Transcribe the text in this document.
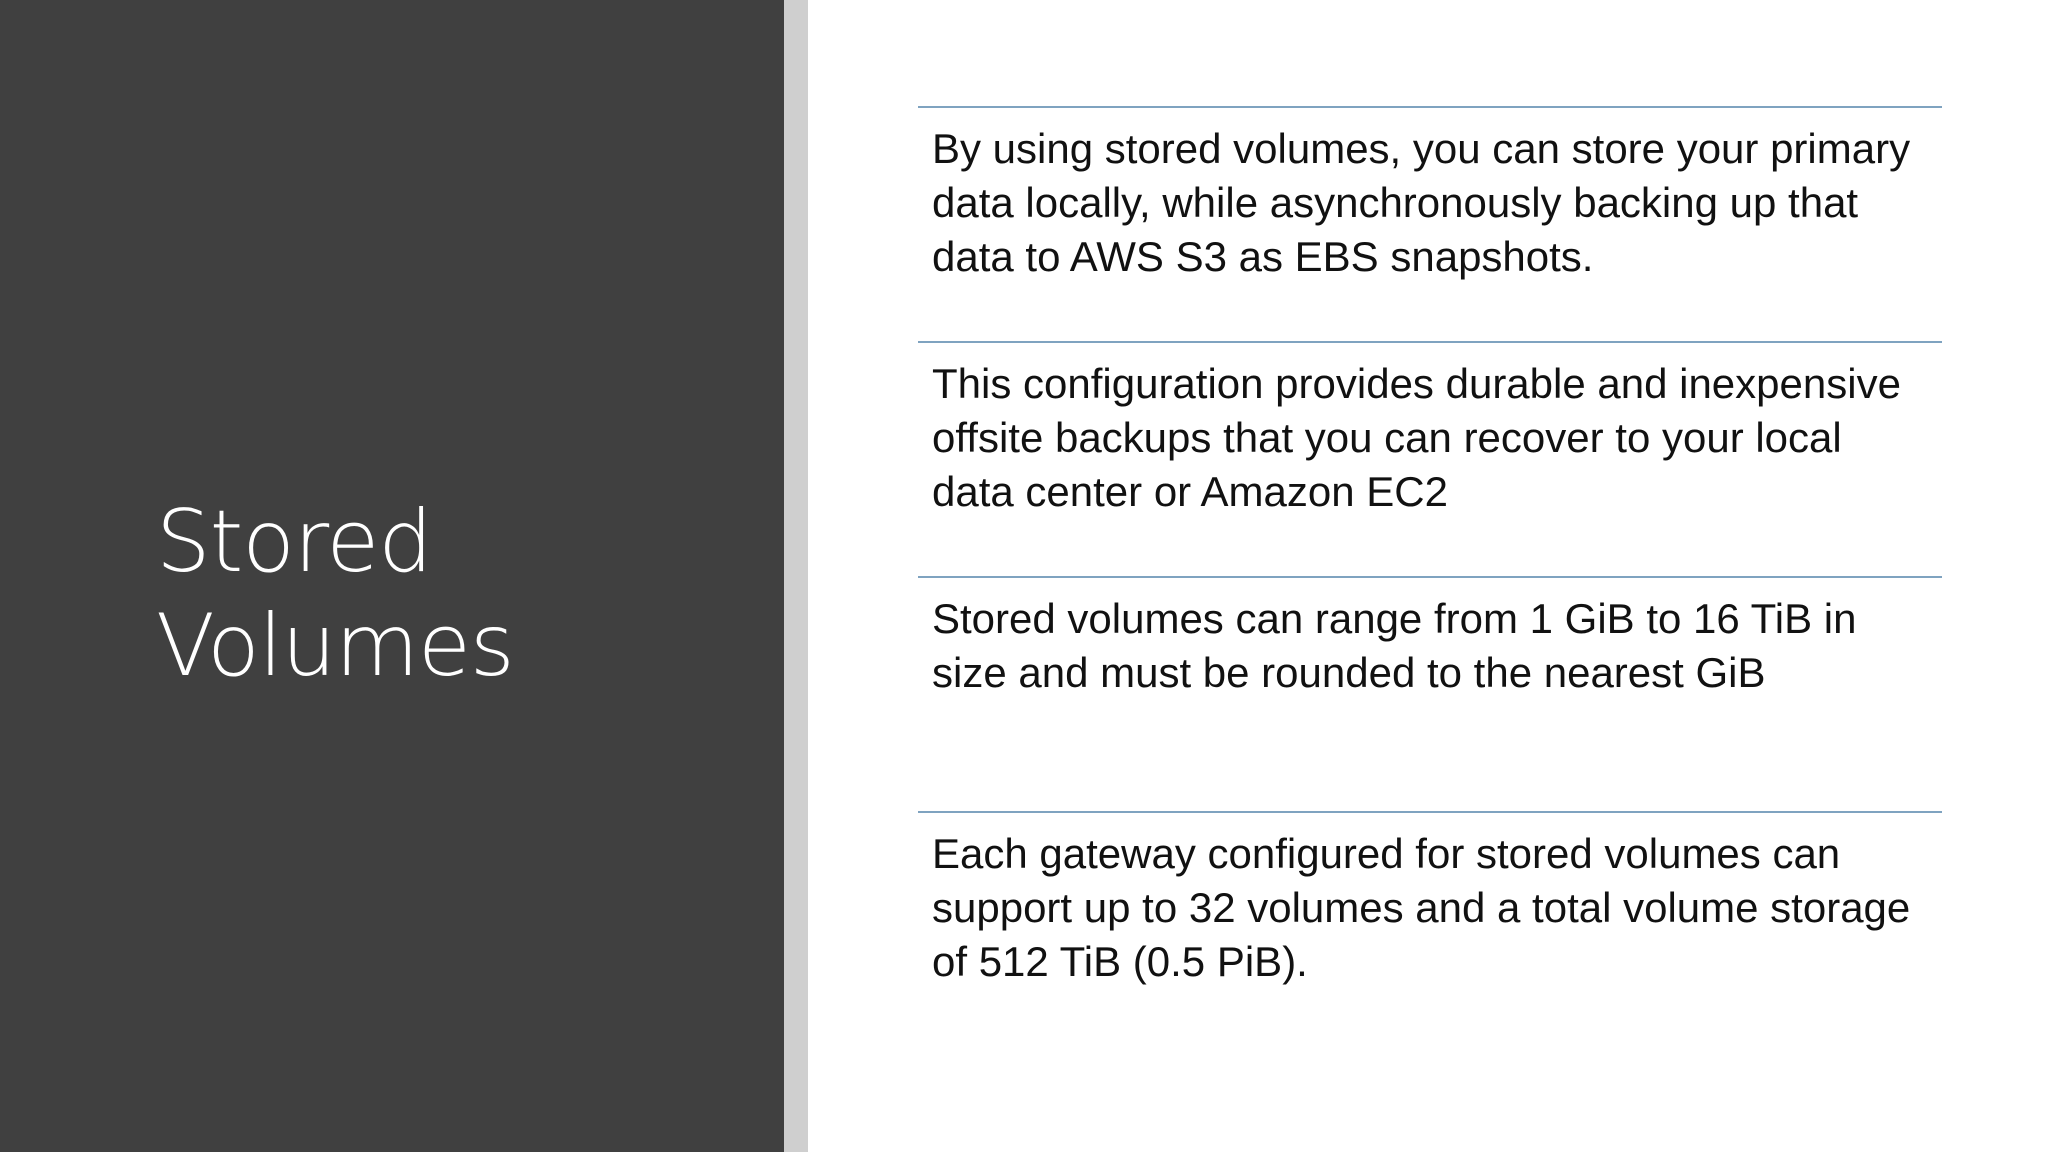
Stored
Volumes

By using stored volumes, you can store your primary data locally, while asynchronously backing up that data to AWS S3 as EBS snapshots.

This configuration provides durable and inexpensive offsite backups that you can recover to your local data center or Amazon EC2

Stored volumes can range from 1 GiB to 16 TiB in size and must be rounded to the nearest GiB

Each gateway configured for stored volumes can support up to 32 volumes and a total volume storage of 512 TiB (0.5 PiB).
